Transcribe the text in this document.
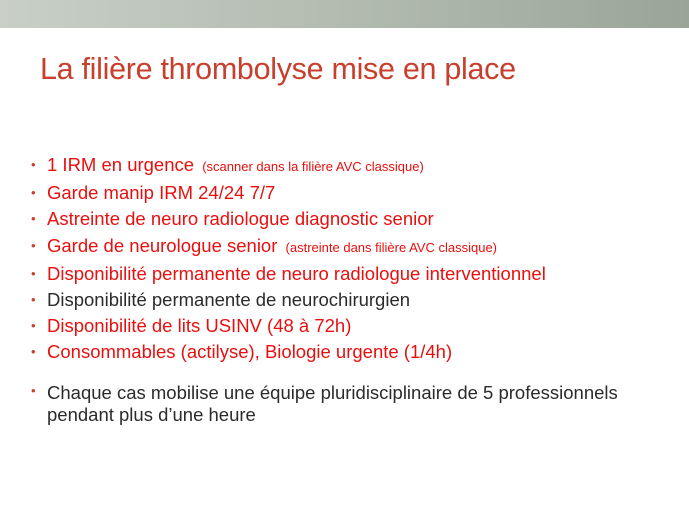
La filière thrombolyse mise en place
• 1 IRM en urgence (scanner dans la filière AVC classique)
• Garde manip IRM 24/24 7/7
• Astreinte de neuro radiologue diagnostic senior
• Garde de neurologue senior (astreinte dans filière AVC classique)
• Disponibilité permanente de neuro radiologue interventionnel
• Disponibilité permanente de neurochirurgien
• Disponibilité de lits USINV (48 à 72h)
• Consommables (actilyse), Biologie urgente (1/4h)
• Chaque cas mobilise une équipe pluridisciplinaire de 5 professionnels pendant plus d’une heure
